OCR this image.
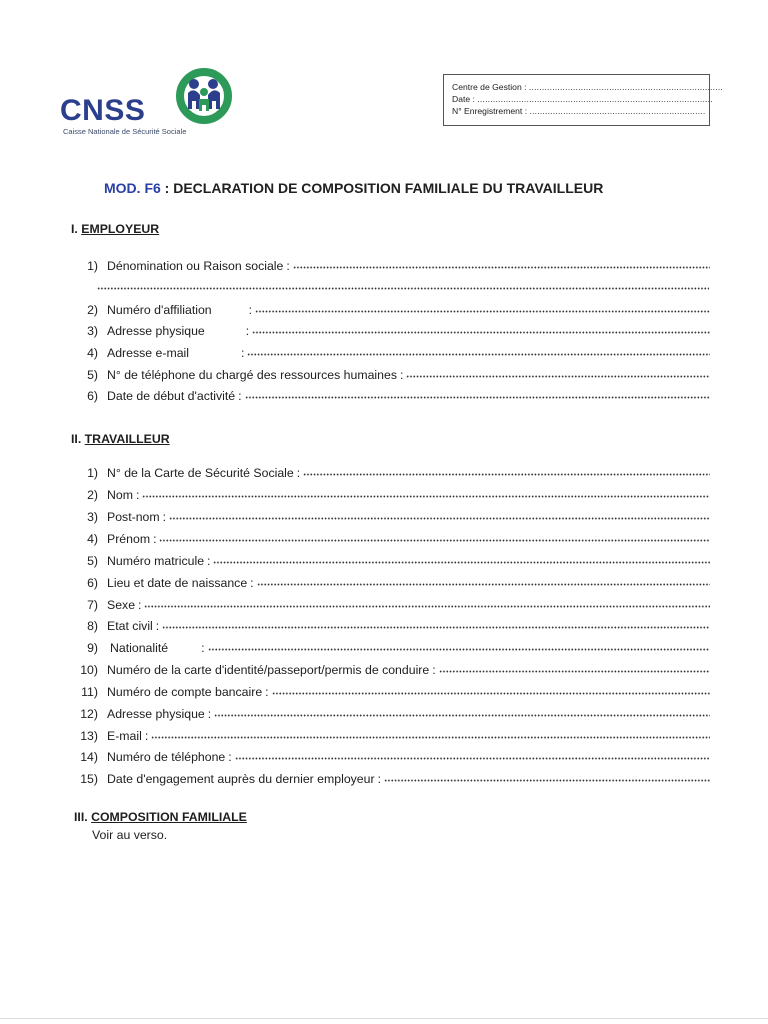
CNSS
Caisse Nationale de Sécurité Sociale
Centre de Gestion
:
...........................................................................
Date
:
...........................................................................................
N° Enregistrement
:
....................................................................
MOD. F6 : DECLARATION DE COMPOSITION FAMILIALE DU TRAVAILLEUR
I. EMPLOYEUR
1) Dénomination ou Raison sociale :
2) Numéro d'affiliation	:
3) Adresse physique	:
4) Adresse e-mail	:
5) N° de téléphone du chargé des ressources humaines :
6) Date de début d'activité :
II. TRAVAILLEUR
1) N° de la Carte de Sécurité Sociale :
2) Nom :
3) Post-nom :
4) Prénom :
5) Numéro matricule :
6) Lieu et date de naissance :
7) Sexe :
8) Etat civil :
9) Nationalité	:
10) Numéro de la carte d'identité/passeport/permis de conduire :
11) Numéro de compte bancaire :
12) Adresse physique :
13) E-mail :
14) Numéro de téléphone :
15) Date d'engagement auprès du dernier employeur :
III. COMPOSITION FAMILIALE
Voir au verso.
